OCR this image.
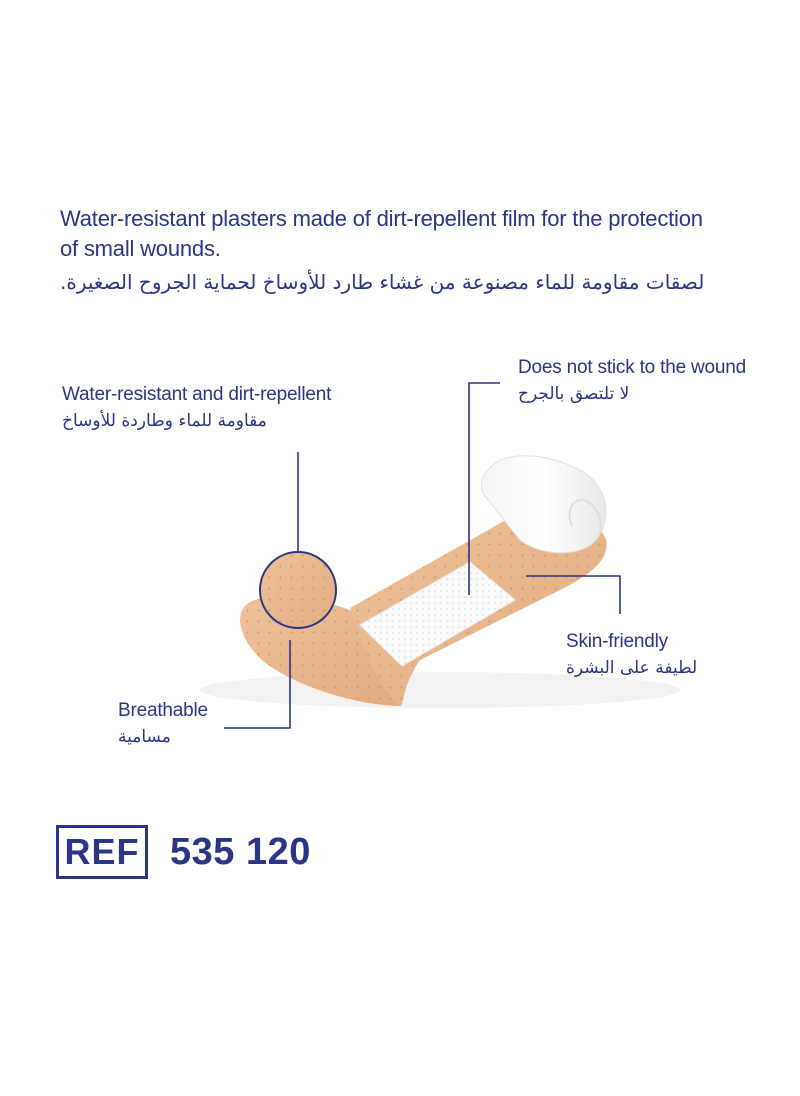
Water-resistant plasters made of dirt-repellent film for the protection

of small wounds.

لصقات مقاومة للماء مصنوعة من غشاء طارد للأوساخ لحماية الجروح الصغيرة.

Water-resistant and dirt-repellent
مقاومة للماء وطاردة للأوساخ
Does not stick to the wound
لا تلتصق بالجرح
Skin-friendly
لطيفة على البشرة
Breathable
مسامية
REF 535 120
